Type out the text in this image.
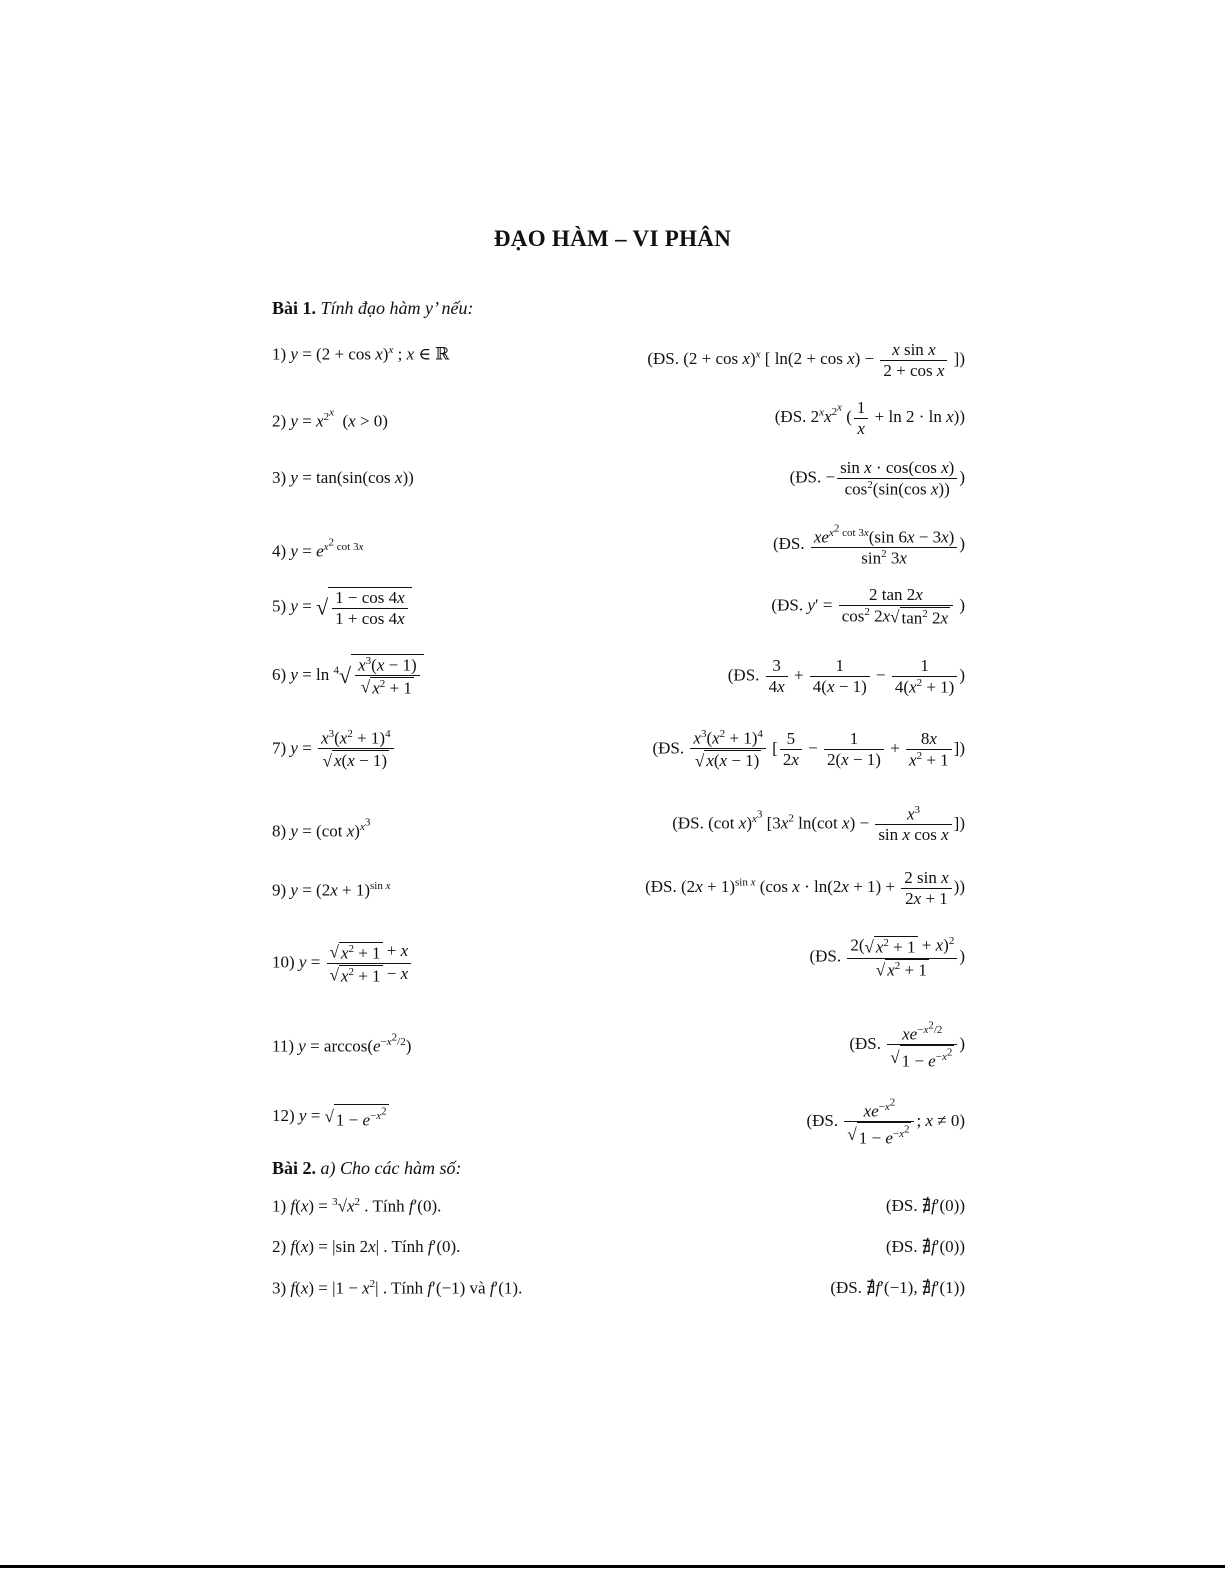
ĐẠO HÀM – VI PHÂN
Bài 1. Tính đạo hàm y’ nếu:
1) $y = (2 + \cos x)^x$ ; x ∈ ℝ	(ĐS. $(2 + \cos x)^x$ [ $\ln(2 + \cos x) - \frac{\text{x sin x}}{\text{2 + cos x}}$ ])
2) $y = x^{2^x}$  (x > 0)	(ĐS. $2^xx^{2^x}$ ( $\frac{1}{x} + \ln 2 \cdot \ln x$))
3) y = tan(sin(cos x))	(ĐS. − $\frac{\text{sin x · cos(cos x)}}{\cos^2(\sin(\cos x))}$ )
4) $y = e^{x^2 cot 3x}$	(ĐS. $\frac{xe^{x^2 cot 3x}(\sin 6x - 3x)}{\sin^2 3x}$ )
5) y = √ $\frac{1 - \cos 4x}{1 + \cos 4x}$	(ĐS. $y' = \frac{2 \tan 2x}{\cos^2 2x√ \tan^2 2x}$ )
6) $y = \ln ^4√ \frac{x^3(x - 1)}{√ x^2 + 1}$	(ĐS. $\frac{3}{4x} + \frac{1}{4(x - 1)} - \frac{1}{4(x^2 + 1)}$ )
7) $y = \frac{x^3(x^2 + 1)^4}{√ x(x - 1)}$	(ĐS. $\frac{x^3(x^2 + 1)^4}{√ x(x - 1)}$ [ $\frac{5}{2x} - \frac{1}{2(x - 1)} + \frac{8x}{x^2 + 1}$ ])
8) y = (cot x)$^{x^3}$	(ĐS. (cot x)$^{x^3}$ [$3x^2$ ln(cot $x) - \frac{x^3}{\text{sin x cos x}}$ ])
9) $y = (2x + 1)^{sin x}$	(ĐS. $(2x + 1)^{sin x}$ (cos $x \cdot \ln(2x + 1) + \frac{\text{2 sin x}}{2x + 1}$ ))
10) $y = \frac{√ x^2 + 1 + x}{√ x^2 + 1 - x}$	(ĐS. $\frac{2(√ x^2 + 1 + x)^2}{√ x^2 + 1}$ )
11) $y = \arccos(e^{-x^2/2})$	(ĐS. $\frac{xe^{-x^2/2}}{√ 1 - e^{-x^2}}$ )
12) y = √ $1 - e^{-x^2}$	(ĐS. $\frac{xe^{-x^2}}{√ 1 - e^{-x^2}}$ ; x ≠ 0)
Bài 2. a) Cho các hàm số:
1) $f(x) = ^3√x^2$ . Tính f′(0).	(ĐS. ∄f′(0))
2) f(x) = |sin 2x| . Tính f′(0).	(ĐS. ∄f′(0))
3) $f(x) = |1 - x^2|$ . Tính f′(−1) và f′(1).	(ĐS. ∄f′(−1), ∄f′(1))
